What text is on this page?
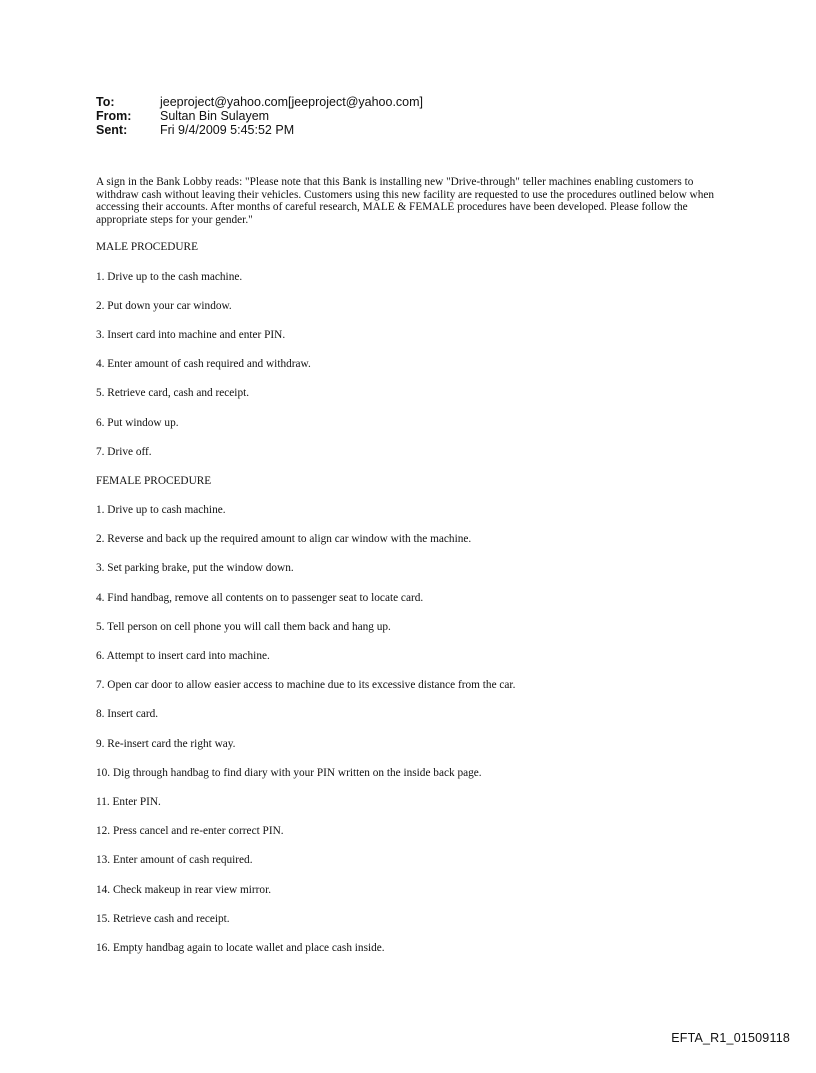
To:	jeeproject@yahoo.com[jeeproject@yahoo.com]
From:	Sultan Bin Sulayem
Sent:	Fri 9/4/2009 5:45:52 PM

A sign in the Bank Lobby reads: "Please note that this Bank is installing new "Drive-through" teller machines enabling customers to withdraw cash without leaving their vehicles. Customers using this new facility are requested to use the procedures outlined below when accessing their accounts. After months of careful research, MALE & FEMALE procedures have been developed. Please follow the appropriate steps for your gender."

MALE PROCEDURE

1. Drive up to the cash machine.

2. Put down your car window.

3. Insert card into machine and enter PIN.

4. Enter amount of cash required and withdraw.

5. Retrieve card, cash and receipt.

6. Put window up.

7. Drive off.

FEMALE PROCEDURE

1. Drive up to cash machine.

2. Reverse and back up the required amount to align car window with the machine.

3. Set parking brake, put the window down.

4. Find handbag, remove all contents on to passenger seat to locate card.

5. Tell person on cell phone you will call them back and hang up.

6. Attempt to insert card into machine.

7. Open car door to allow easier access to machine due to its excessive distance from the car.

8. Insert card.

9. Re-insert card the right way.

10. Dig through handbag to find diary with your PIN written on the inside back page.

11. Enter PIN.

12. Press cancel and re-enter correct PIN.

13. Enter amount of cash required.

14. Check makeup in rear view mirror.

15. Retrieve cash and receipt.

16. Empty handbag again to locate wallet and place cash inside.

EFTA_R1_01509118
